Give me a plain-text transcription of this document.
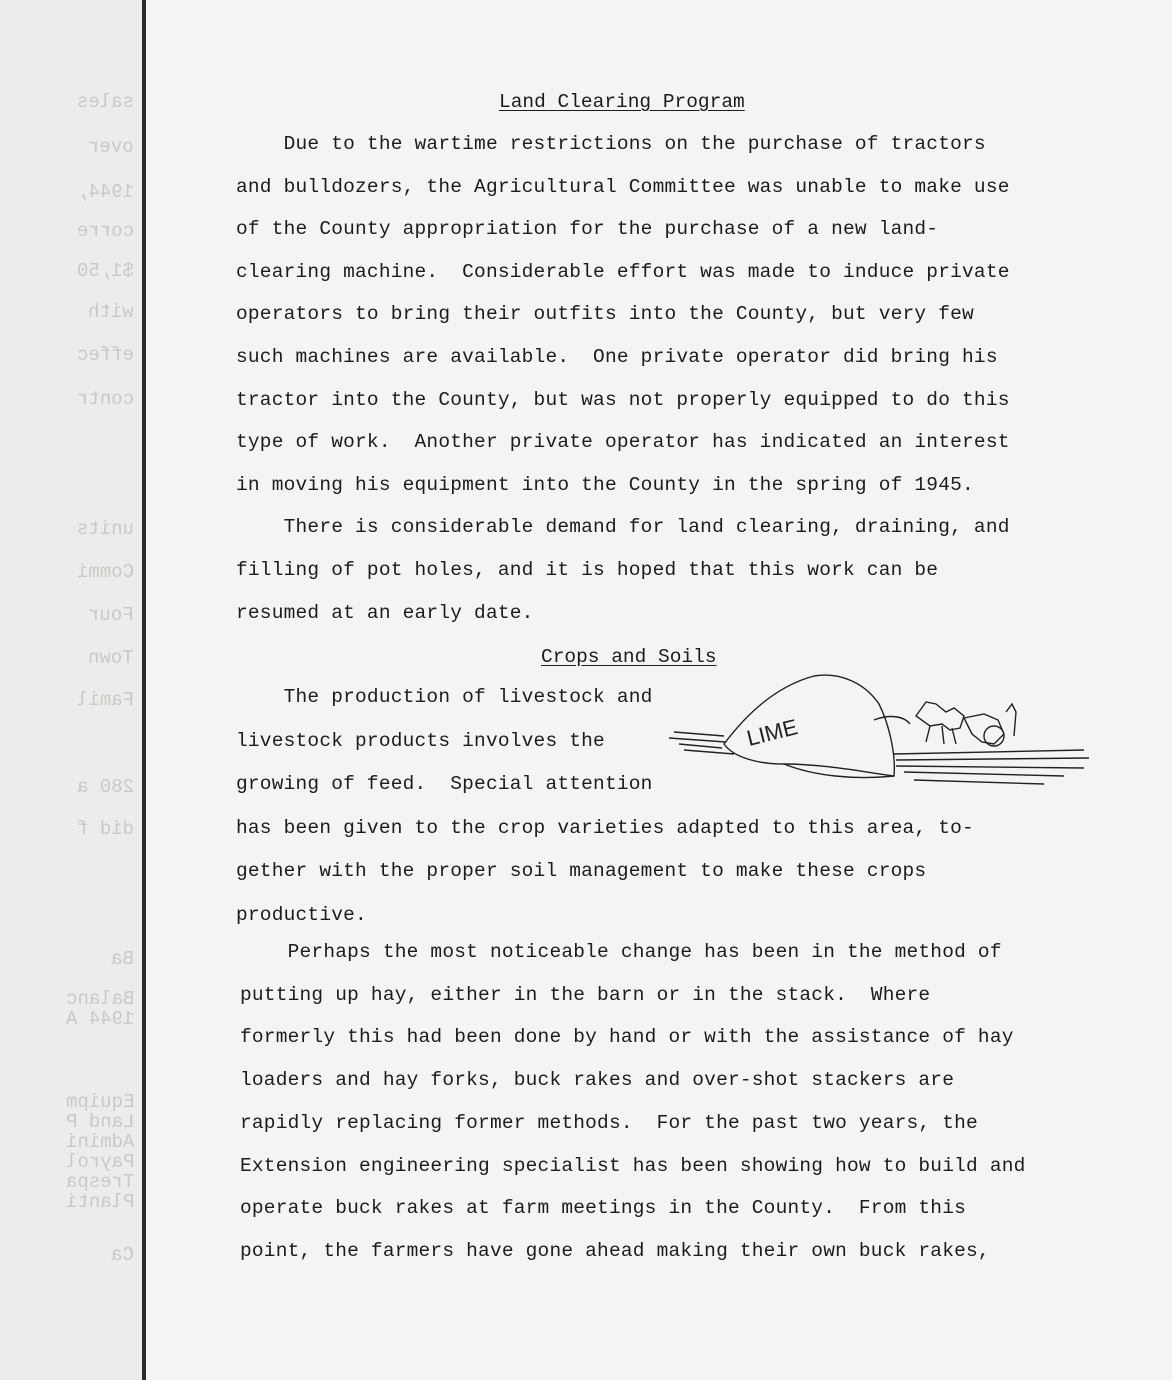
sales
over
1944,
corre
$1,50
with
effec
contr
units
Commi
Four
Town
Famil
280 a
did f
Ba
Balanc
1944 A
Equipm
Land P
Admini
Payrol
Trespa
Planti
Ca
Land Clearing Program
Due to the wartime restrictions on the purchase of tractors
and bulldozers, the Agricultural Committee was unable to make use
of the County appropriation for the purchase of a new land-
clearing machine.  Considerable effort was made to induce private
operators to bring their outfits into the County, but very few
such machines are available.  One private operator did bring his
tractor into the County, but was not properly equipped to do this
type of work.  Another private operator has indicated an interest
in moving his equipment into the County in the spring of 1945.
There is considerable demand for land clearing, draining, and
filling of pot holes, and it is hoped that this work can be
resumed at an early date.
Crops and Soils
The production of livestock and
livestock products involves the
growing of feed.  Special attention
has been given to the crop varieties adapted to this area, to-
gether with the proper soil management to make these crops
productive.
Perhaps the most noticeable change has been in the method of
putting up hay, either in the barn or in the stack.  Where
formerly this had been done by hand or with the assistance of hay
loaders and hay forks, buck rakes and over-shot stackers are
rapidly replacing former methods.  For the past two years, the
Extension engineering specialist has been showing how to build and
operate buck rakes at farm meetings in the County.  From this
point, the farmers have gone ahead making their own buck rakes,
LIME
